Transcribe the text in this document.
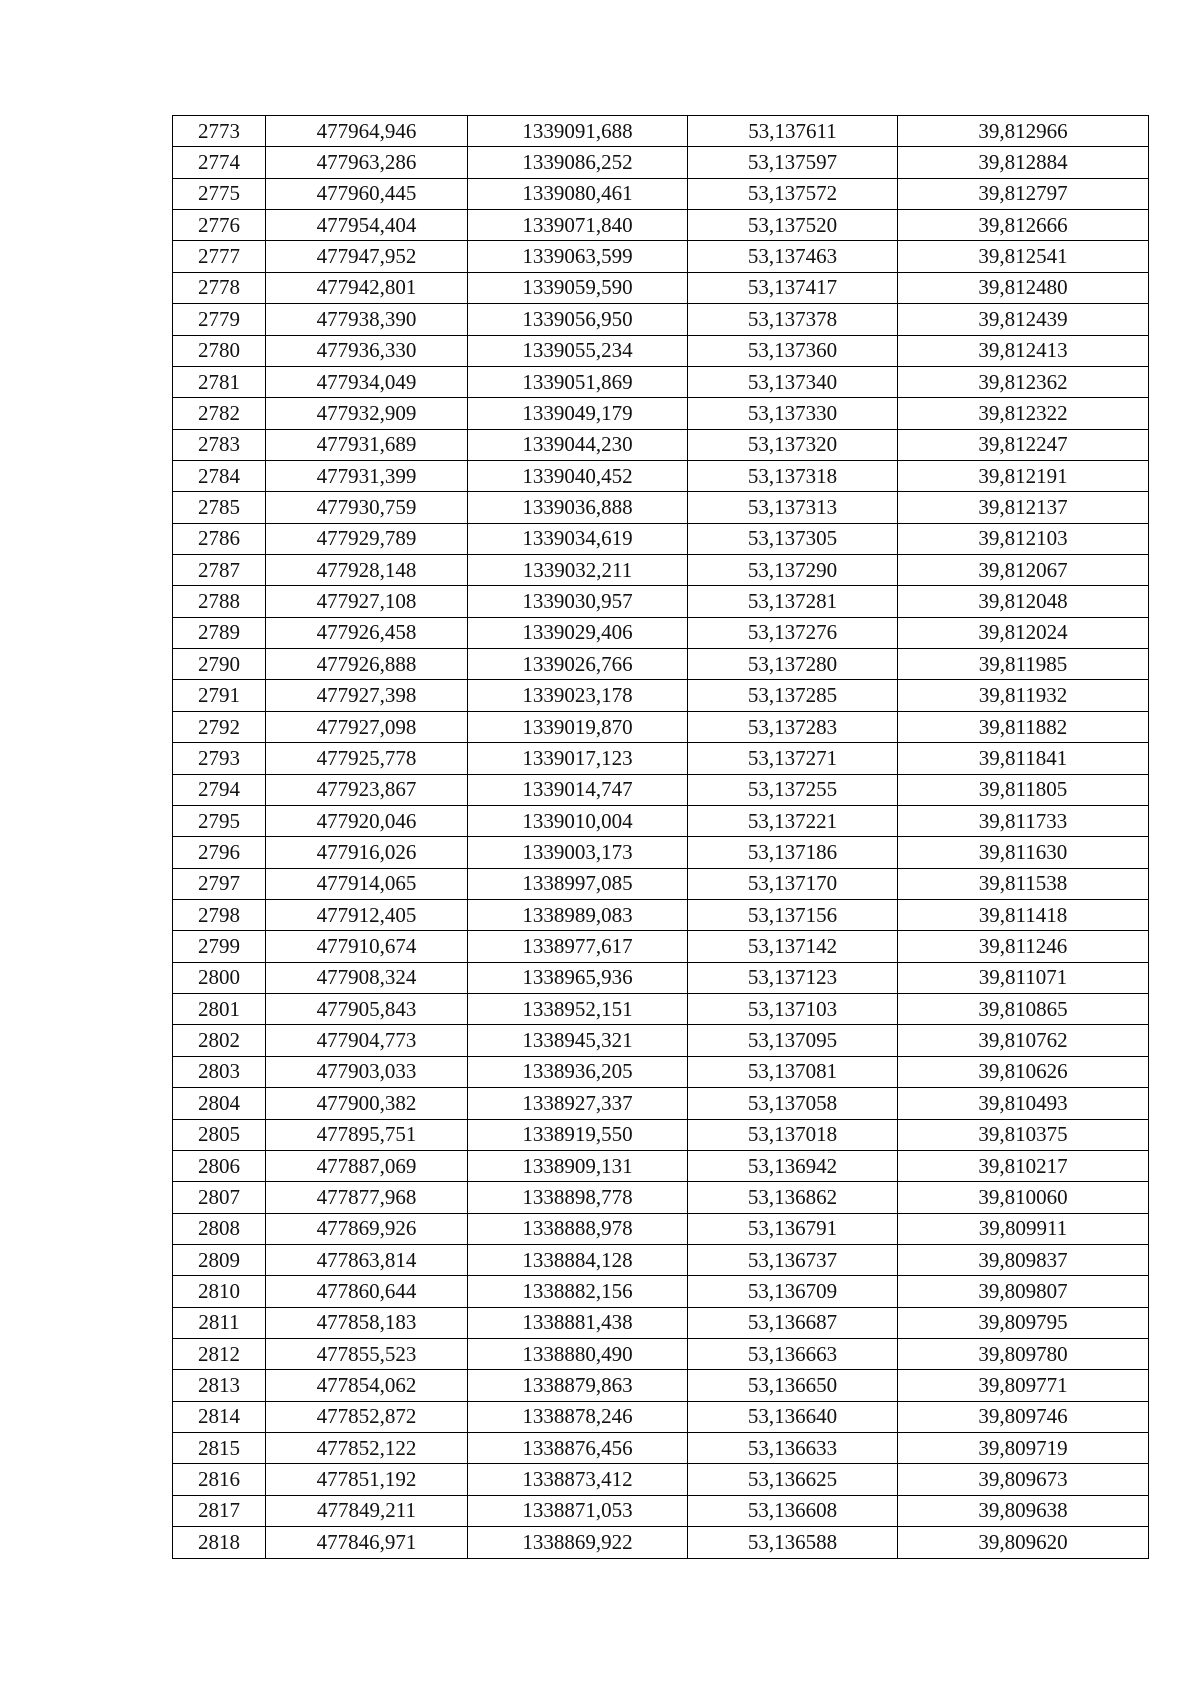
2773	477964,946	1339091,688	53,137611	39,812966
2774	477963,286	1339086,252	53,137597	39,812884
2775	477960,445	1339080,461	53,137572	39,812797
2776	477954,404	1339071,840	53,137520	39,812666
2777	477947,952	1339063,599	53,137463	39,812541
2778	477942,801	1339059,590	53,137417	39,812480
2779	477938,390	1339056,950	53,137378	39,812439
2780	477936,330	1339055,234	53,137360	39,812413
2781	477934,049	1339051,869	53,137340	39,812362
2782	477932,909	1339049,179	53,137330	39,812322
2783	477931,689	1339044,230	53,137320	39,812247
2784	477931,399	1339040,452	53,137318	39,812191
2785	477930,759	1339036,888	53,137313	39,812137
2786	477929,789	1339034,619	53,137305	39,812103
2787	477928,148	1339032,211	53,137290	39,812067
2788	477927,108	1339030,957	53,137281	39,812048
2789	477926,458	1339029,406	53,137276	39,812024
2790	477926,888	1339026,766	53,137280	39,811985
2791	477927,398	1339023,178	53,137285	39,811932
2792	477927,098	1339019,870	53,137283	39,811882
2793	477925,778	1339017,123	53,137271	39,811841
2794	477923,867	1339014,747	53,137255	39,811805
2795	477920,046	1339010,004	53,137221	39,811733
2796	477916,026	1339003,173	53,137186	39,811630
2797	477914,065	1338997,085	53,137170	39,811538
2798	477912,405	1338989,083	53,137156	39,811418
2799	477910,674	1338977,617	53,137142	39,811246
2800	477908,324	1338965,936	53,137123	39,811071
2801	477905,843	1338952,151	53,137103	39,810865
2802	477904,773	1338945,321	53,137095	39,810762
2803	477903,033	1338936,205	53,137081	39,810626
2804	477900,382	1338927,337	53,137058	39,810493
2805	477895,751	1338919,550	53,137018	39,810375
2806	477887,069	1338909,131	53,136942	39,810217
2807	477877,968	1338898,778	53,136862	39,810060
2808	477869,926	1338888,978	53,136791	39,809911
2809	477863,814	1338884,128	53,136737	39,809837
2810	477860,644	1338882,156	53,136709	39,809807
2811	477858,183	1338881,438	53,136687	39,809795
2812	477855,523	1338880,490	53,136663	39,809780
2813	477854,062	1338879,863	53,136650	39,809771
2814	477852,872	1338878,246	53,136640	39,809746
2815	477852,122	1338876,456	53,136633	39,809719
2816	477851,192	1338873,412	53,136625	39,809673
2817	477849,211	1338871,053	53,136608	39,809638
2818	477846,971	1338869,922	53,136588	39,809620
